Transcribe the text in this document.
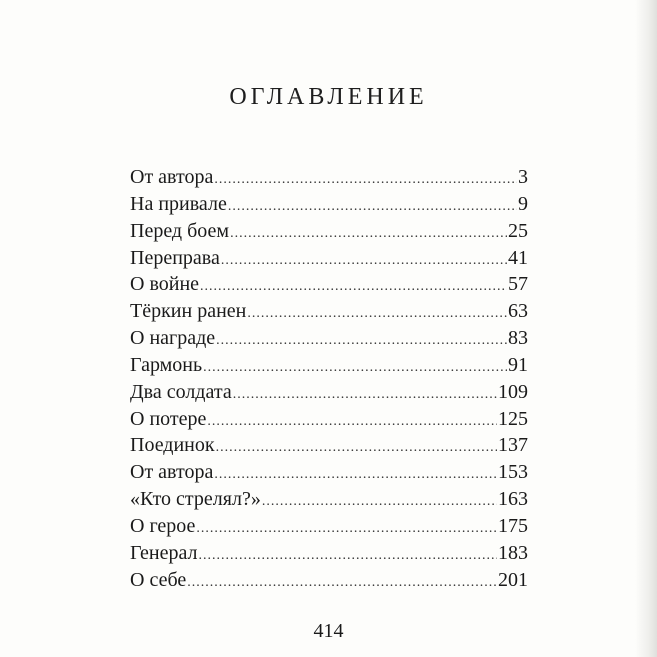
ОГЛАВЛЕНИЕ
От автора .....	3
На привале .....	9
Перед боем .....	25
Переправа .....	41
О войне .....	57
Тёркин ранен .....	63
О награде .....	83
Гармонь .....	91
Два солдата .....	109
О потере .....	125
Поединок .....	137
От автора .....	153
«Кто стрелял?» .....	163
О герое .....	175
Генерал .....	183
О себе .....	201
414
